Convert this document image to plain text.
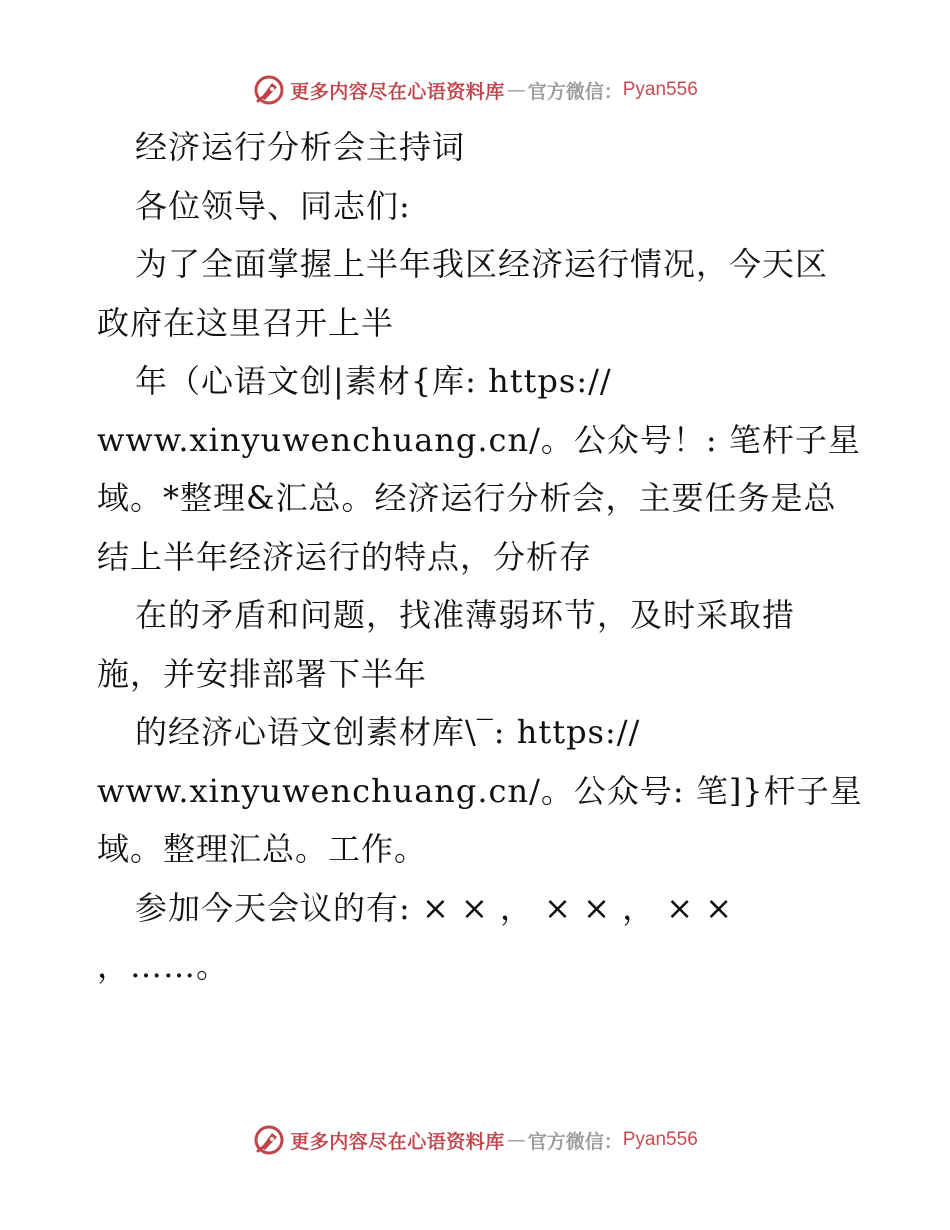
更多内容尽在心语资料库 — 官方微信： Pyan556
经济运行分析会主持词
各位领导、同志们:
为了全面掌握上半年我区经济运行情况，今天区
政府在这里召开上半
年（心语文创|素材{库: https://
www.xinyuwenchuang.cn/。公众号！: 笔杆子星
域。*整理&汇总。经济运行分析会，主要任务是总
结上半年经济运行的特点，分析存
在的矛盾和问题，找准薄弱环节，及时采取措
施，并安排部署下半年
的经济心语文创素材库\‾: https://
www.xinyuwenchuang.cn/。公众号: 笔]}杆子星
域。整理汇总。工作。
参加今天会议的有: × × ， × × ， × ×
，……。
更多内容尽在心语资料库 — 官方微信： Pyan556
